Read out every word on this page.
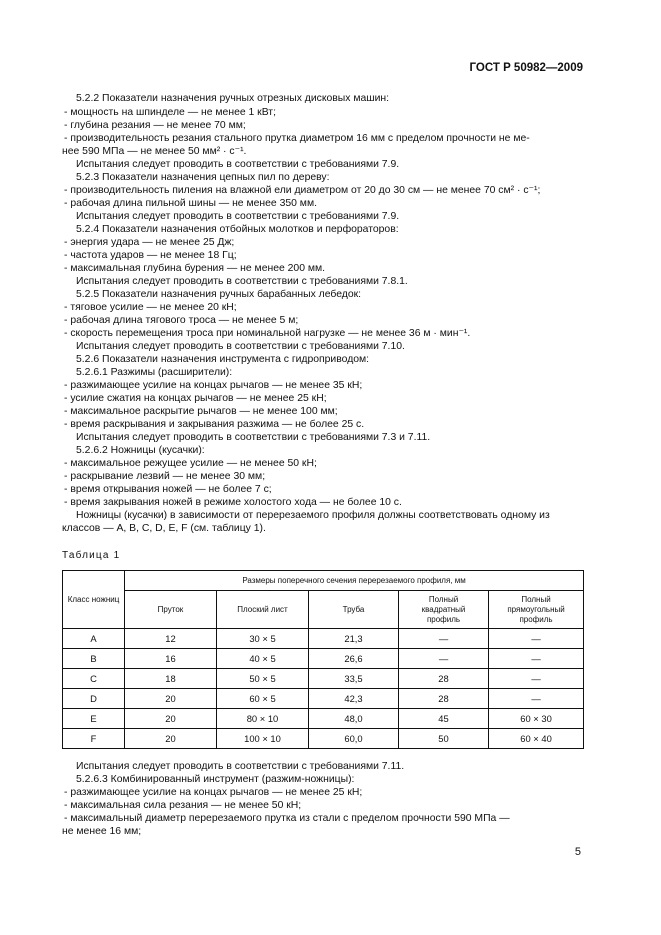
ГОСТ Р 50982—2009
5.2.2 Показатели назначения ручных отрезных дисковых машин:
- мощность на шпинделе — не менее 1 кВт;
- глубина резания — не менее 70 мм;
- производительность резания стального прутка диаметром 16 мм с пределом прочности не ме-
нее 590 МПа — не менее 50 мм² · с⁻¹.
Испытания следует проводить в соответствии с требованиями 7.9.
5.2.3 Показатели назначения цепных пил по дереву:
- производительность пиления на влажной ели диаметром от 20 до 30 см — не менее 70 см² · с⁻¹;
- рабочая длина пильной шины — не менее 350 мм.
Испытания следует проводить в соответствии с требованиями 7.9.
5.2.4 Показатели назначения отбойных молотков и перфораторов:
- энергия удара — не менее 25 Дж;
- частота ударов — не менее 18 Гц;
- максимальная глубина бурения — не менее 200 мм.
Испытания следует проводить в соответствии с требованиями 7.8.1.
5.2.5 Показатели назначения ручных барабанных лебедок:
- тяговое усилие — не менее 20 кН;
- рабочая длина тягового троса — не менее 5 м;
- скорость перемещения троса при номинальной нагрузке — не менее 36 м · мин⁻¹.
Испытания следует проводить в соответствии с требованиями 7.10.
5.2.6 Показатели назначения инструмента с гидроприводом:
5.2.6.1 Разжимы (расширители):
- разжимающее усилие на концах рычагов — не менее 35 кН;
- усилие сжатия на концах рычагов — не менее 25 кН;
- максимальное раскрытие рычагов — не менее 100 мм;
- время раскрывания и закрывания разжима — не более 25 с.
Испытания следует проводить в соответствии с требованиями 7.3 и 7.11.
5.2.6.2 Ножницы (кусачки):
- максимальное режущее усилие — не менее 50 кН;
- раскрывание лезвий — не менее 30 мм;
- время открывания ножей — не более 7 с;
- время закрывания ножей в режиме холостого хода — не более 10 с.
Ножницы (кусачки) в зависимости от перерезаемого профиля должны соответствовать одному из
классов — А, В, С, D, Е, F (см. таблицу 1).
Таблица 1
Класс ножниц	Размеры поперечного сечения перерезаемого профиля, мм				
	Пруток	Плоский лист	Труба	Полный квадратный профиль	Полный прямоугольный профиль
A	12	30 × 5	21,3	—	—
B	16	40 × 5	26,6	—	—
C	18	50 × 5	33,5	28	—
D	20	60 × 5	42,3	28	—
E	20	80 × 10	48,0	45	60 × 30
F	20	100 × 10	60,0	50	60 × 40
Испытания следует проводить в соответствии с требованиями 7.11.
5.2.6.3 Комбинированный инструмент (разжим-ножницы):
- разжимающее усилие на концах рычагов — не менее 25 кН;
- максимальная сила резания — не менее 50 кН;
- максимальный диаметр перерезаемого прутка из стали с пределом прочности 590 МПа —
не менее 16 мм;
5
